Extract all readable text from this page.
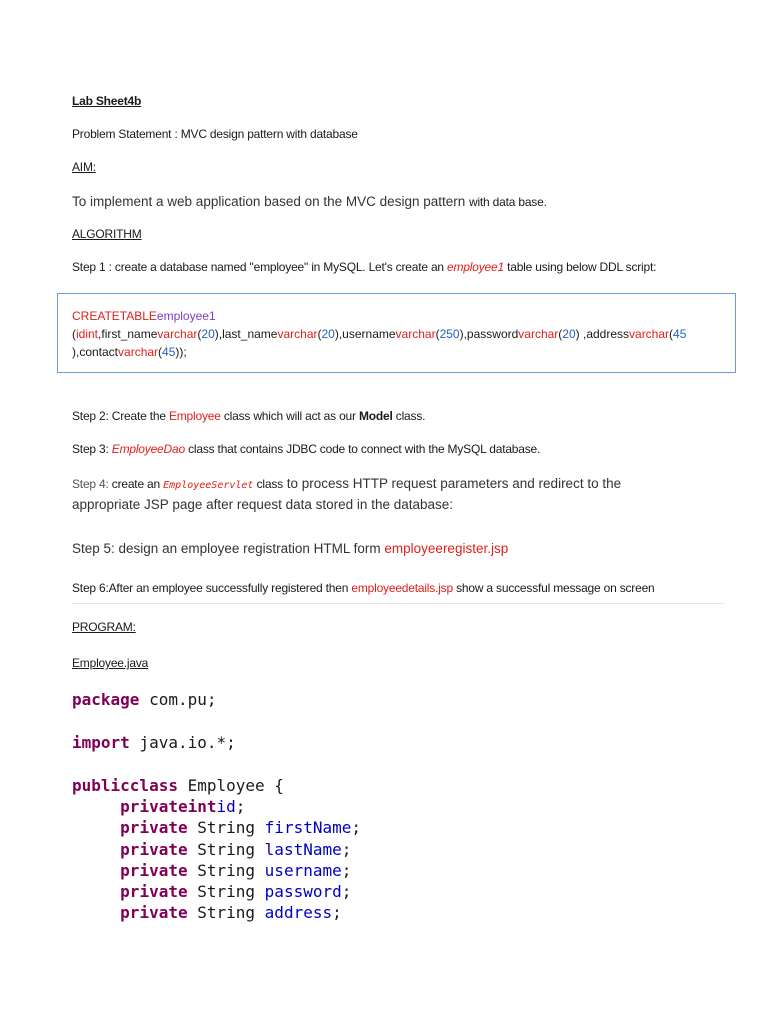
Lab Sheet4b
Problem Statement : MVC design pattern with database
AIM:
To implement a web application based on the MVC design pattern with data base.
ALGORITHM
Step 1 : create a database named "employee" in MySQL. Let's create an employee1 table using below DDL script:
CREATETABLEemployee1
(idint,first_namevarchar(20),last_namevarchar(20),usernamevarchar(250),passwordvarchar(20) ,addressvarchar(45
),contactvarchar(45));
Step 2: Create the Employee class which will act as our Model class.
Step 3: EmployeeDao class that contains JDBC code to connect with the MySQL database.
Step 4: create an EmployeeServlet class to process HTTP request parameters and redirect to the
appropriate JSP page after request data stored in the database:
Step 5: design an employee registration HTML form employeeregister.jsp
Step 6:After an employee successfully registered then employeedetails.jsp show a successful message on screen
PROGRAM:
Employee.java
package com.pu;
import java.io.*;
publicclass Employee {
privateintid;
private String firstName;
private String lastName;
private String username;
private String password;
private String address;
